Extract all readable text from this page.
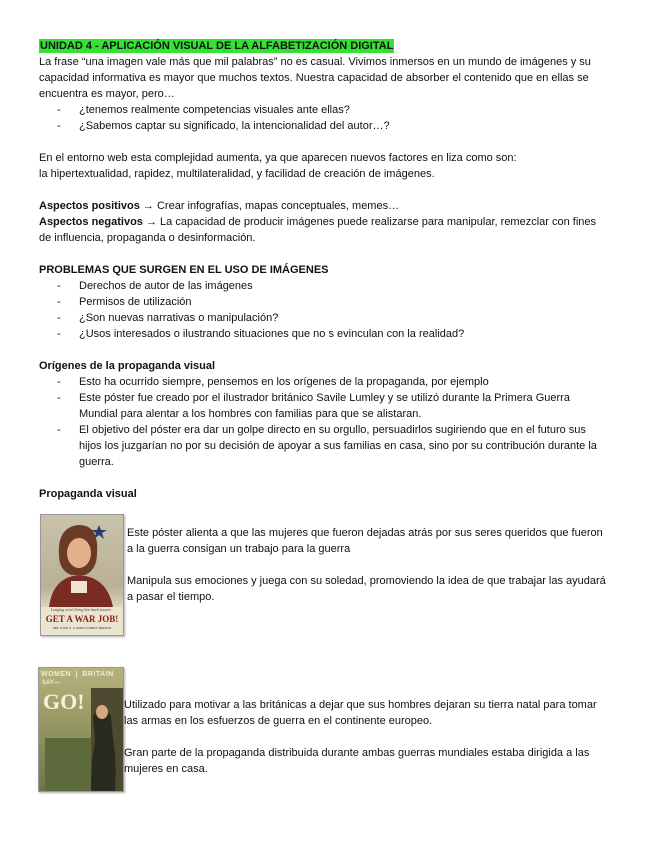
UNIDAD 4 - APLICACIÓN VISUAL DE LA ALFABETIZACIÓN DIGITAL

La frase “una imagen vale más que mil palabras” no es casual. Vivimos inmersos en un mundo de imágenes y su capacidad informativa es mayor que muchos textos. Nuestra capacidad de absorber el contenido que en ellas se encuentra es mayor, pero…

- ¿tenemos realmente competencias visuales ante ellas?
- ¿Sabemos captar su significado, la intencionalidad del autor…?

En el entorno web esta complejidad aumenta, ya que aparecen nuevos factores en liza como son:

la hipertextualidad, rapidez, multilateralidad, y facilidad de creación de imágenes.

Aspectos positivos → Crear infografías, mapas conceptuales, memes…

Aspectos negativos → La capacidad de producir imágenes puede realizarse para manipular, remezclar con fines de influencia, propaganda o desinformación.

PROBLEMAS QUE SURGEN EN EL USO DE IMÁGENES

- Derechos de autor de las imágenes
- Permisos de utilización
- ¿Son nuevas narrativas o manipulación?
- ¿Usos interesados o ilustrando situaciones que no s evinculan con la realidad?

Orígenes de la propaganda visual

- Esto ha ocurrido siempre, pensemos en los orígenes de la propaganda, por ejemplo
- Este póster fue creado por el ilustrador británico Savile Lumley y se utilizó durante la Primera Guerra Mundial para alentar a los hombres con familias para que se alistaran.
- El objetivo del póster era dar un golpe directo en su orgullo, persuadirlos sugiriendo que en el futuro sus hijos los juzgarían no por su decisión de apoyar a sus familias en casa, sino por su contribución durante la guerra.

Propaganda visual

Longing won't bring him back sooner...
GET A WAR JOB!
SEE YOUR U. S. EMPLOYMENT SERVICE

Este póster alienta a que las mujeres que fueron dejadas atrás por sus seres queridos que fueron a la guerra consigan un trabajo para la guerra

Manipula sus emociones y juega con su soledad, promoviendo la idea de que trabajar las ayudará a pasar el tiempo.

WOMEN ❘ BRITAIN
SAY—
GO!	Utilizado para motivar a las británicas a dejar que sus hombres dejaran su tierra natal para tomar las armas en los esfuerzos de guerra en el continente europeo.

Gran parte de la propaganda distribuida durante ambas guerras mundiales estaba dirigida a las mujeres en casa.
